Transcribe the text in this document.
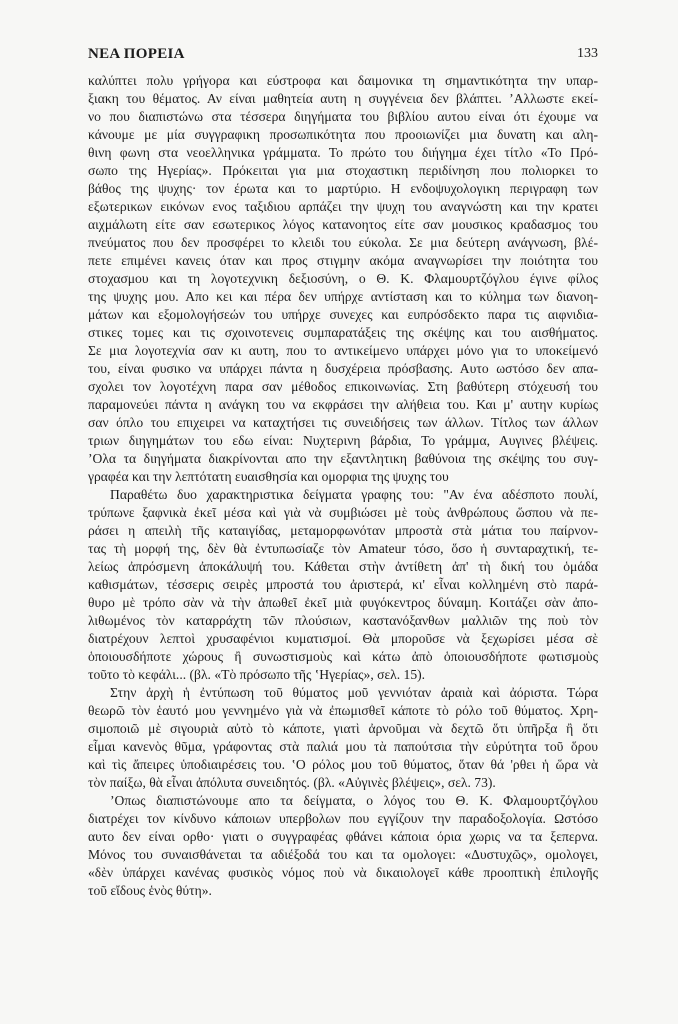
ΝΕΑ ΠΟΡΕΙΑ	133
καλύπτει πολυ γρήγορα και εύστροφα και δαιμονικα τη σημαντικότητα την υπαρ-
ξιακη του θέματος. Αν είναι μαθητεία αυτη η συγγένεια δεν βλάπτει. ʼΑλλωστε εκεί-
νο που διαπιστώνω στα τέσσερα διηγήματα του βιβλίου αυτου είναι ότι έχουμε να
κάνουμε με μία συγγραφικη προσωπικότητα που προοιωνίζει μια δυνατη και αλη-
θινη φωνη στα νεοελληνικα γράμματα. Το πρώτο του διήγημα έχει τίτλο «Το Πρό-
σωπο της Ηγερίας». Πρόκειται για μια στοχαστικη περιδίνηση που πολιορκει το
βάθος της ψυχης· τον έρωτα και το μαρτύριο. Η ενδοψυχολογικη περιγραφη των
εξωτερικων εικόνων ενος ταξιδιου αρπάζει την ψυχη του αναγνώστη και την κρατει
αιχμάλωτη είτε σαν εσωτερικος λόγος κατανοητος είτε σαν μουσικος κραδασμος του
πνεύματος που δεν προσφέρει το κλειδι του εύκολα. Σε μια δεύτερη ανάγνωση, βλέ-
πετε επιμένει κανεις όταν και προς στιγμην ακόμα αναγνωρίσει την ποιότητα του
στοχασμου και τη λογοτεχνικη δεξιοσύνη, ο Θ. Κ. Φλαμουρτζόγλου έγινε φίλος
της ψυχης μου. Απο κει και πέρα δεν υπήρχε αντίσταση και το κύλημα των διανοη-
μάτων και εξομολογήσεών του υπήρχε συνεχες και ευπρόσδεκτο παρα τις αιφνιδια-
στικες τομες και τις σχοινοτενεις συμπαρατάξεις της σκέψης και του αισθήματος.
Σε μια λογοτεχνία σαν κι αυτη, που το αντικείμενο υπάρχει μόνο για το υποκείμενό
του, είναι φυσικο να υπάρχει πάντα η δυσχέρεια πρόσβασης. Αυτο ωστόσο δεν απα-
σχολει τον λογοτέχνη παρα σαν μέθοδος επικοινωνίας. Στη βαθύτερη στόχευσή του
παραμονεύει πάντα η ανάγκη του να εκφράσει την αλήθεια του. Και μ' αυτην κυρίως
σαν όπλο του επιχειρει να καταχτήσει τις συνειδήσεις των άλλων. Τίτλος των άλλων
τριων διηγημάτων του εδω είναι: Νυχτερινη βάρδια, Το γράμμα, Αυγινες βλέψεις.
ʼΟλα τα διηγήματα διακρίνονται απο την εξαντλητικη βαθύνοια της σκέψης του συγ-
γραφέα και την λεπτότατη ευαισθησία και ομορφια της ψυχης του
Παραθέτω δυο χαρακτηριστικα δείγματα γραφης του: "Αν ένα αδέσποτο πουλί,
τρύπωνε ξαφνικὰ ἐκεῖ μέσα καὶ γιὰ νὰ συμβιώσει μὲ τοὺς ἀνθρώπους ὥσπου νὰ πε-
ράσει η απειλὴ τῆς καταιγίδας, μεταμορφωνόταν μπροστὰ στὰ μάτια του παίρνον-
τας τὴ μορφή της, δὲν θὰ ἐντυπωσίαζε τὸν Amateur τόσο, ὅσο ἡ συνταραχτική, τε-
λείως ἀπρόσμενη ἀποκάλυψή του. Κάθεται στὴν ἀντίθετη ἀπ' τὴ δική του ὁμάδα
καθισμάτων, τέσσερις σειρὲς μπροστά του ἀριστερά, κι' εἶναι κολλημένη στὸ παρά-
θυρο μὲ τρόπο σὰν νὰ τὴν ἀπωθεῖ ἐκεῖ μιὰ φυγόκεντρος δύναμη. Κοιτάζει σὰν ἀπο-
λιθωμένος τὸν καταρράχτη τῶν πλούσιων, καστανόξανθων μαλλιῶν της ποὺ τὸν
διατρέχουν λεπτοὶ χρυσαφένιοι κυματισμοί. Θὰ μποροῦσε νὰ ξεχωρίσει μέσα σὲ
ὁποιουσδήποτε χώρους ἢ συνωστισμοὺς καὶ κάτω ἀπὸ ὁποιουσδήποτε φωτισμοὺς
τοῦτο τὸ κεφάλι... (βλ. «Τὸ πρόσωπο τῆς ʽΗγερίας», σελ. 15).
Στην ἀρχὴ ἡ ἐντύπωση τοῦ θύματος μοῦ γεννιόταν ἀραιὰ καὶ ἀόριστα. Τώρα
θεωρῶ τὸν ἑαυτό μου γεννημένο γιὰ νὰ ἐπωμισθεῖ κάποτε τὸ ρόλο τοῦ θύματος. Χρη-
σιμοποιῶ μὲ σιγουριὰ αὐτὸ τὸ κάποτε, γιατὶ ἀρνοῦμαι νὰ δεχτῶ ὅτι ὑπῆρξα ἢ ὅτι
εἶμαι κανενὸς θῦμα, γράφοντας στὰ παλιά μου τὰ παπούτσια τὴν εὐρύτητα τοῦ ὅρου
καὶ τὶς ἄπειρες ὑποδιαιρέσεις του. ʽΟ ρόλος μου τοῦ θύματος, ὅταν θά 'ρθει ἡ ὥρα νὰ
τὸν παίξω, θὰ εἶναι ἀπόλυτα συνειδητός. (βλ. «Αὐγινὲς βλέψεις», σελ. 73).
ʼΟπως διαπιστώνουμε απο τα δείγματα, ο λόγος του Θ. Κ. Φλαμουρτζόγλου
διατρέχει τον κίνδυνο κάποιων υπερβολων που εγγίζουν την παραδοξολογία. Ωστόσο
αυτο δεν είναι ορθο· γιατι ο συγγραφέας φθάνει κάποια όρια χωρις να τα ξεπερνα.
Μόνος του συναισθάνεται τα αδιέξοδά του και τα ομολογει: «Δυστυχῶς», ομολογει,
«δὲν ὑπάρχει κανένας φυσικὸς νόμος ποὺ νὰ δικαιολογεῖ κάθε προοπτικὴ ἐπιλογῆς
τοῦ εἴδους ἑνὸς θύτη».
